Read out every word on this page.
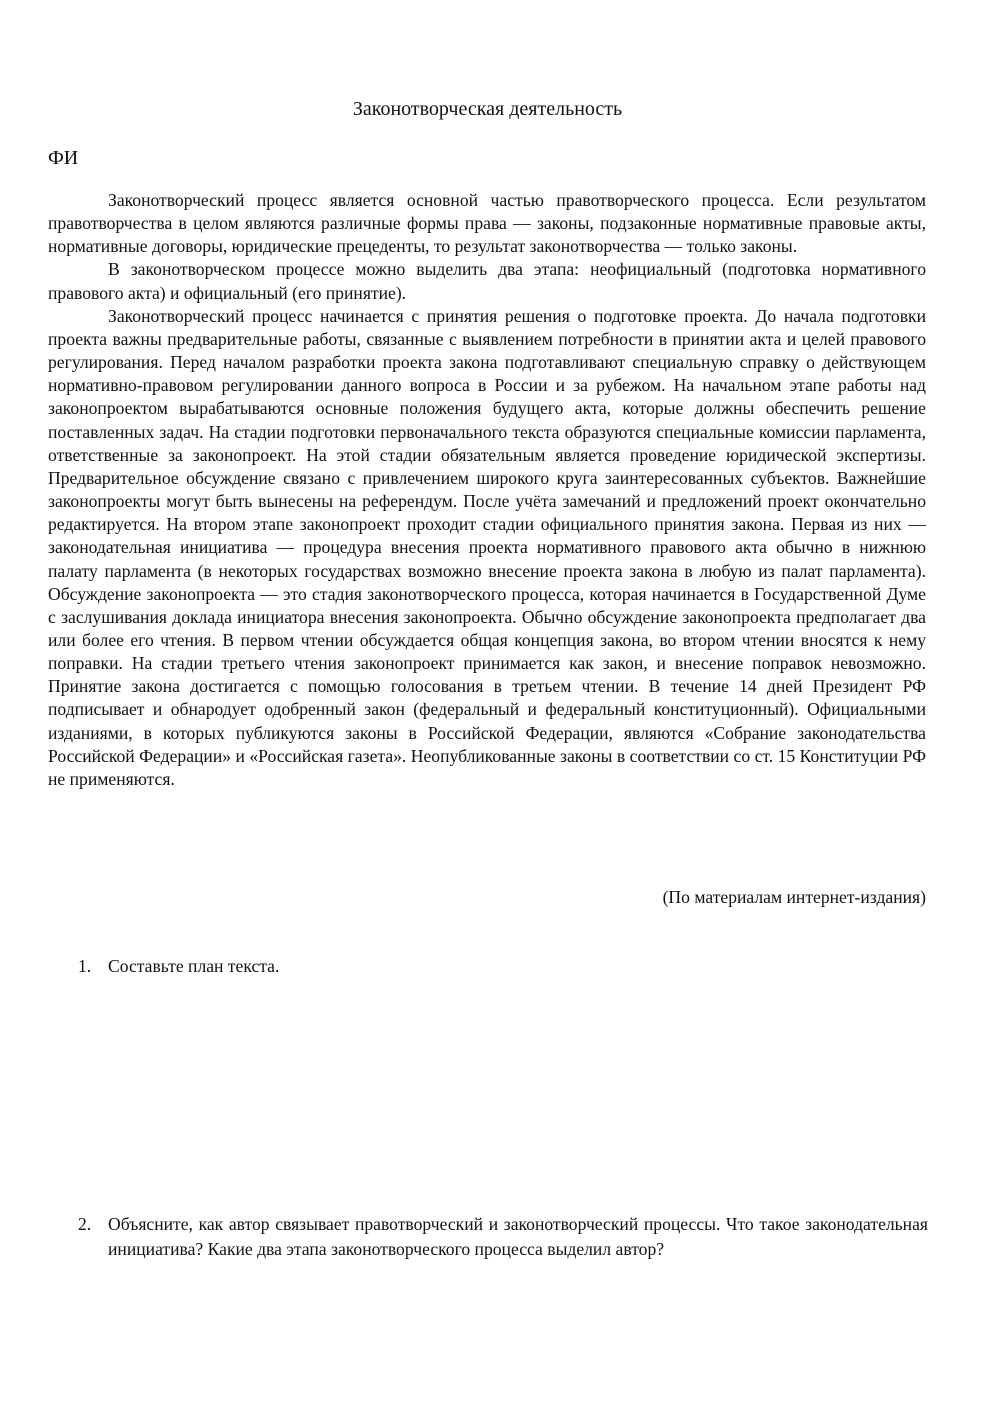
Законотворческая деятельность
ФИ

Законотворческий процесс является основной частью правотворческого процесса. Если результатом правотворчества в целом являются различные формы права — законы, подзаконные нормативные правовые акты, нормативные договоры, юридические прецеденты, то результат законотворчества — только законы.

В законотворческом процессе можно выделить два этапа: неофициальный (подготовка нормативного правового акта) и официальный (его принятие).

Законотворческий процесс начинается с принятия решения о подготовке проекта. До начала подготовки проекта важны предварительные работы, связанные с выявлением потребности в принятии акта и целей правового регулирования. Перед началом разработки проекта закона подготавливают специальную справку о действующем нормативно-правовом регулировании данного вопроса в России и за рубежом. На начальном этапе работы над законопроектом вырабатываются основные положения будущего акта, которые должны обеспечить решение поставленных задач. На стадии подготовки первоначального текста образуются специальные комиссии парламента, ответственные за законопроект. На этой стадии обязательным является проведение юридической экспертизы. Предварительное обсуждение связано с привлечением широкого круга заинтересованных субъектов. Важнейшие законопроекты могут быть вынесены на референдум. После учёта замечаний и предложений проект окончательно редактируется. На втором этапе законопроект проходит стадии официального принятия закона. Первая из них — законодательная инициатива — процедура внесения проекта нормативного правового акта обычно в нижнюю палату парламента (в некоторых государствах возможно внесение проекта закона в любую из палат парламента). Обсуждение законопроекта — это стадия законотворческого процесса, которая начинается в Государственной Думе с заслушивания доклада инициатора внесения законопроекта. Обычно обсуждение законопроекта предполагает два или более его чтения. В первом чтении обсуждается общая концепция закона, во втором чтении вносятся к нему поправки. На стадии третьего чтения законопроект принимается как закон, и внесение поправок невозможно. Принятие закона достигается с помощью голосования в третьем чтении. В течение 14 дней Президент РФ подписывает и обнародует одобренный закон (федеральный и федеральный конституционный). Официальными изданиями, в которых публикуются законы в Российской Федерации, являются «Собрание законодательства Российской Федерации» и «Российская газета». Неопубликованные законы в соответствии со ст. 15 Конституции РФ не применяются.

(По материалам интернет-издания)
1. Составьте план текста.
2. Объясните, как автор связывает правотворческий и законотворческий процессы. Что такое законодательная инициатива? Какие два этапа законотворческого процесса выделил автор?
